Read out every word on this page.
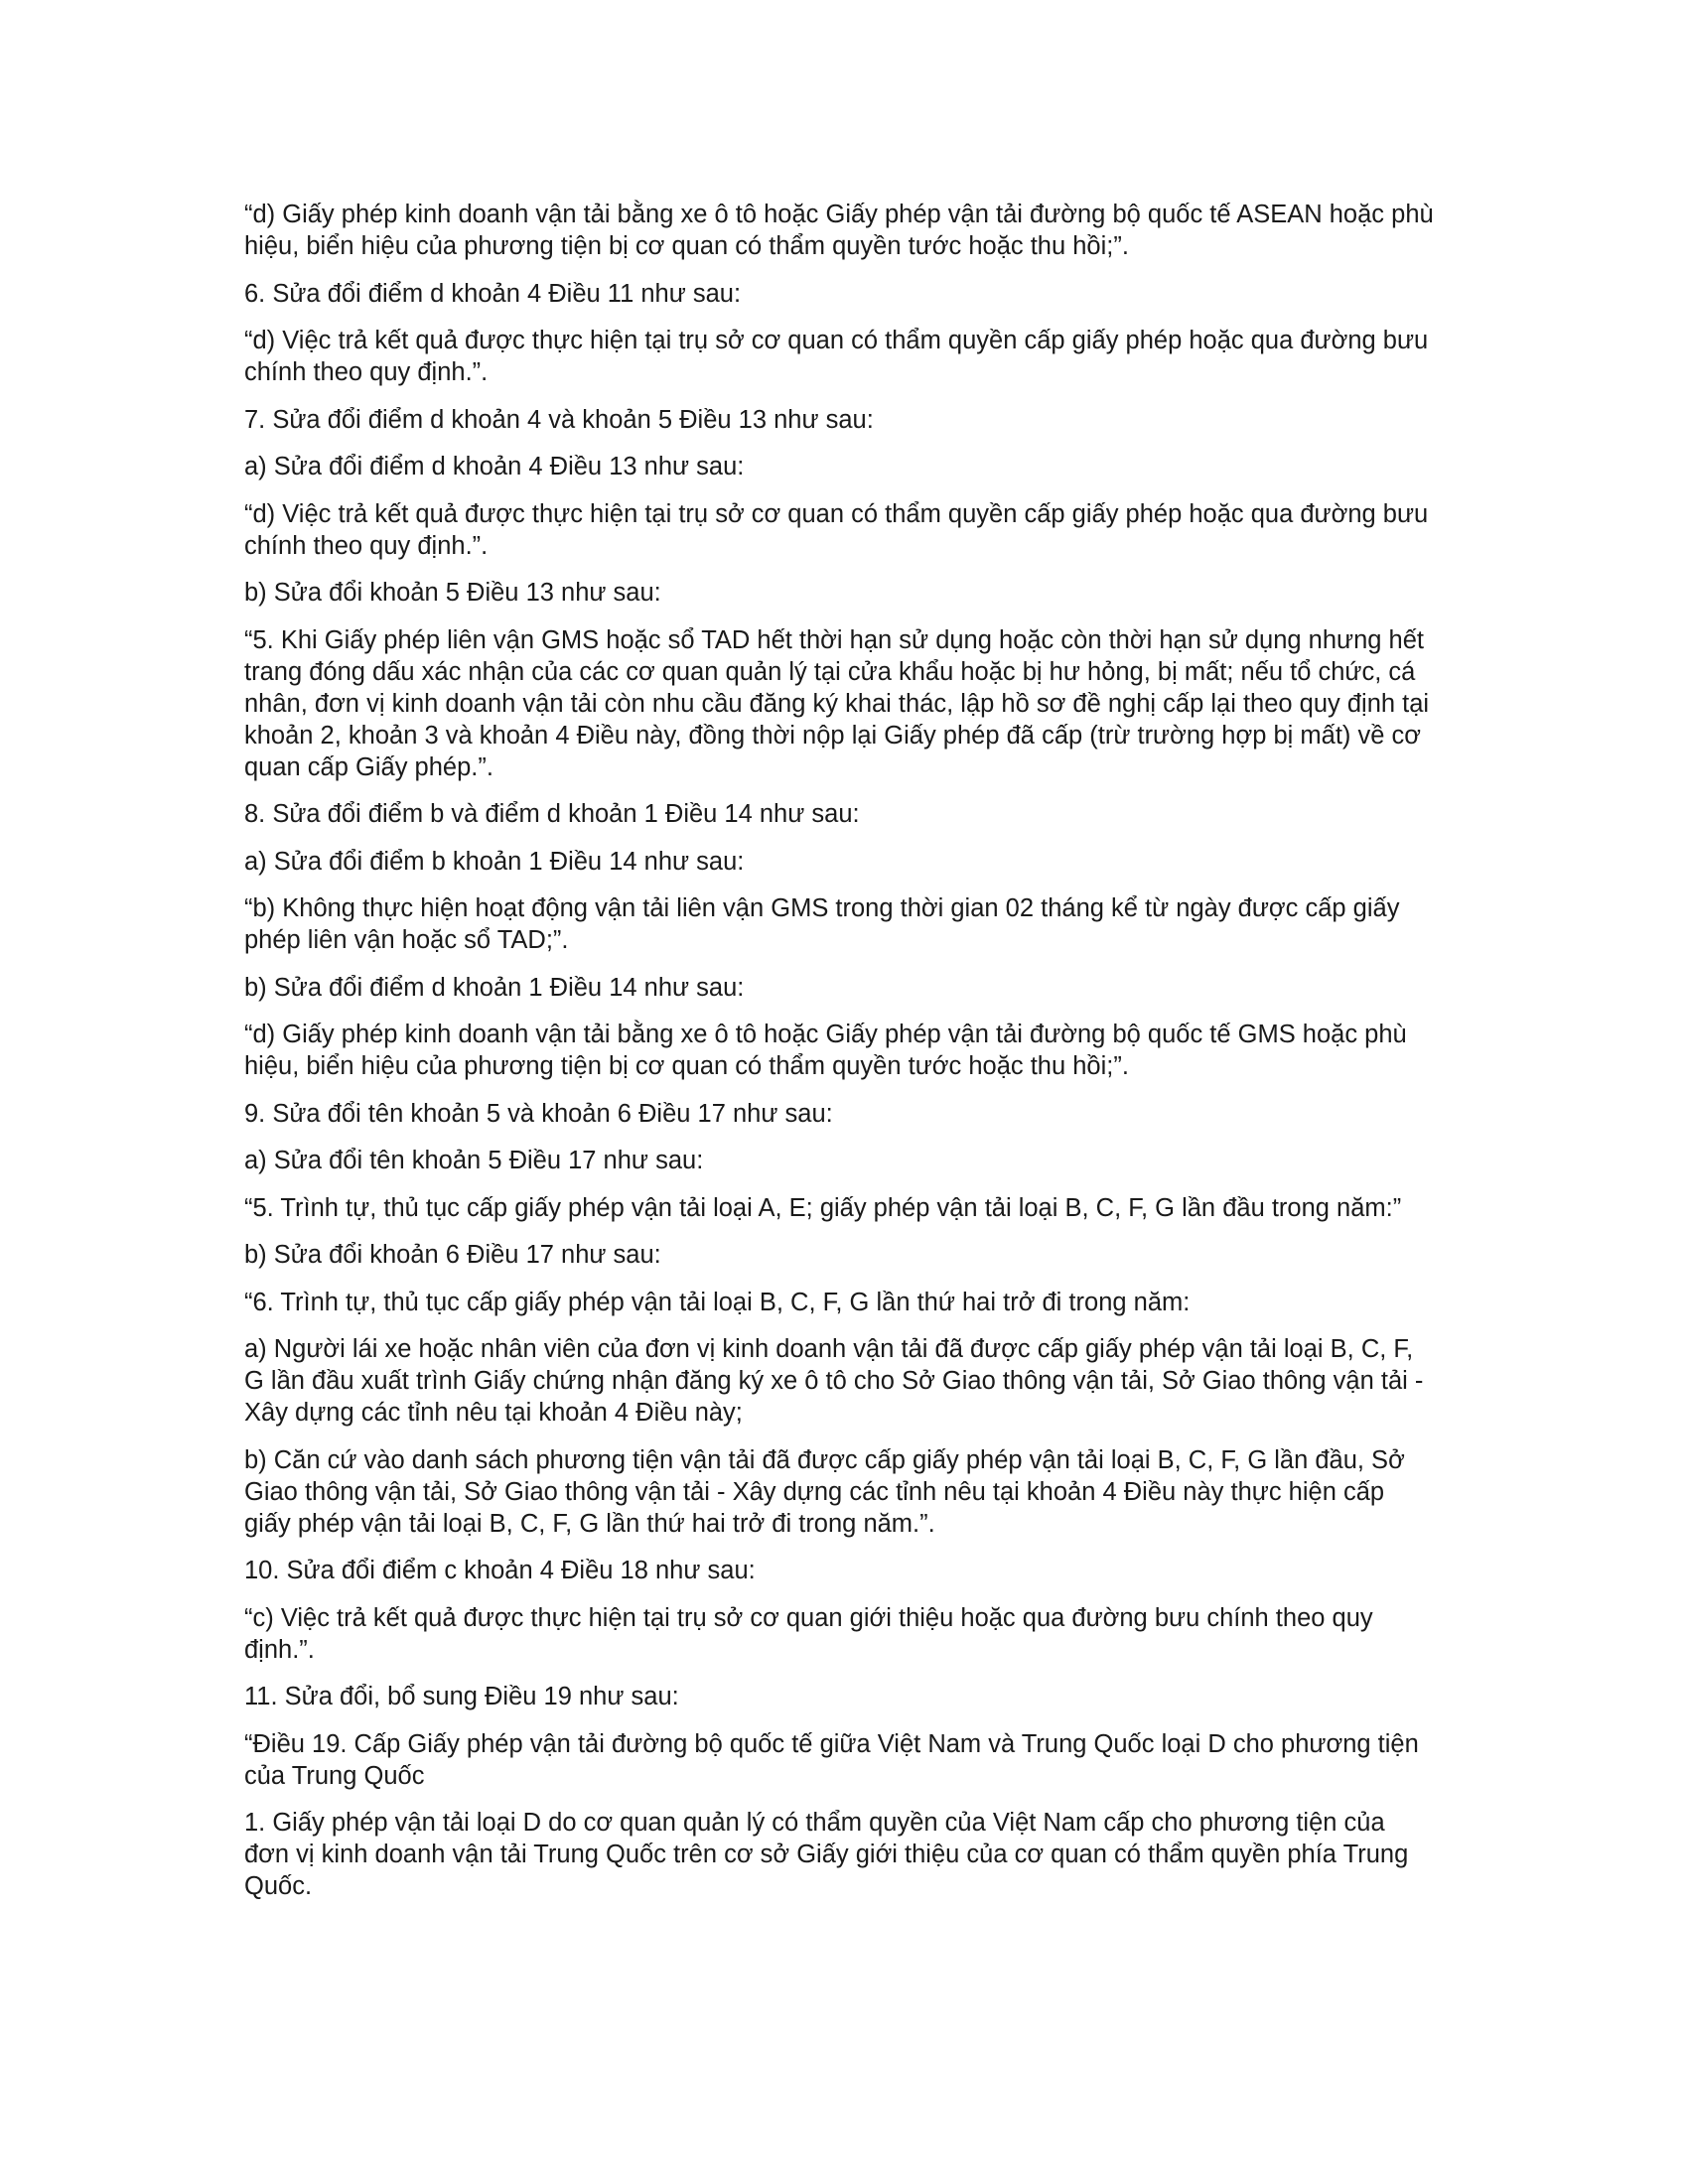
“d) Giấy phép kinh doanh vận tải bằng xe ô tô hoặc Giấy phép vận tải đường bộ quốc tế ASEAN hoặc phù hiệu, biển hiệu của phương tiện bị cơ quan có thẩm quyền tước hoặc thu hồi;”.

6. Sửa đổi điểm d khoản 4 Điều 11 như sau:

“d) Việc trả kết quả được thực hiện tại trụ sở cơ quan có thẩm quyền cấp giấy phép hoặc qua đường bưu chính theo quy định.”.

7. Sửa đổi điểm d khoản 4 và khoản 5 Điều 13 như sau:

a) Sửa đổi điểm d khoản 4 Điều 13 như sau:

“d) Việc trả kết quả được thực hiện tại trụ sở cơ quan có thẩm quyền cấp giấy phép hoặc qua đường bưu chính theo quy định.”.

b) Sửa đổi khoản 5 Điều 13 như sau:

“5. Khi Giấy phép liên vận GMS hoặc sổ TAD hết thời hạn sử dụng hoặc còn thời hạn sử dụng nhưng hết trang đóng dấu xác nhận của các cơ quan quản lý tại cửa khẩu hoặc bị hư hỏng, bị mất; nếu tổ chức, cá nhân, đơn vị kinh doanh vận tải còn nhu cầu đăng ký khai thác, lập hồ sơ đề nghị cấp lại theo quy định tại khoản 2, khoản 3 và khoản 4 Điều này, đồng thời nộp lại Giấy phép đã cấp (trừ trường hợp bị mất) về cơ quan cấp Giấy phép.”.

8. Sửa đổi điểm b và điểm d khoản 1 Điều 14 như sau:

a) Sửa đổi điểm b khoản 1 Điều 14 như sau:

“b) Không thực hiện hoạt động vận tải liên vận GMS trong thời gian 02 tháng kể từ ngày được cấp giấy phép liên vận hoặc sổ TAD;”.

b) Sửa đổi điểm d khoản 1 Điều 14 như sau:

“d) Giấy phép kinh doanh vận tải bằng xe ô tô hoặc Giấy phép vận tải đường bộ quốc tế GMS hoặc phù hiệu, biển hiệu của phương tiện bị cơ quan có thẩm quyền tước hoặc thu hồi;”.

9. Sửa đổi tên khoản 5 và khoản 6 Điều 17 như sau:

a) Sửa đổi tên khoản 5 Điều 17 như sau:

“5. Trình tự, thủ tục cấp giấy phép vận tải loại A, E; giấy phép vận tải loại B, C, F, G lần đầu trong năm:”

b) Sửa đổi khoản 6 Điều 17 như sau:

“6. Trình tự, thủ tục cấp giấy phép vận tải loại B, C, F, G lần thứ hai trở đi trong năm:

a) Người lái xe hoặc nhân viên của đơn vị kinh doanh vận tải đã được cấp giấy phép vận tải loại B, C, F, G lần đầu xuất trình Giấy chứng nhận đăng ký xe ô tô cho Sở Giao thông vận tải, Sở Giao thông vận tải - Xây dựng các tỉnh nêu tại khoản 4 Điều này;

b) Căn cứ vào danh sách phương tiện vận tải đã được cấp giấy phép vận tải loại B, C, F, G lần đầu, Sở Giao thông vận tải, Sở Giao thông vận tải - Xây dựng các tỉnh nêu tại khoản 4 Điều này thực hiện cấp giấy phép vận tải loại B, C, F, G lần thứ hai trở đi trong năm.”.

10. Sửa đổi điểm c khoản 4 Điều 18 như sau:

“c) Việc trả kết quả được thực hiện tại trụ sở cơ quan giới thiệu hoặc qua đường bưu chính theo quy định.”.

11. Sửa đổi, bổ sung Điều 19 như sau:

“Điều 19. Cấp Giấy phép vận tải đường bộ quốc tế giữa Việt Nam và Trung Quốc loại D cho phương tiện của Trung Quốc

1. Giấy phép vận tải loại D do cơ quan quản lý có thẩm quyền của Việt Nam cấp cho phương tiện của đơn vị kinh doanh vận tải Trung Quốc trên cơ sở Giấy giới thiệu của cơ quan có thẩm quyền phía Trung Quốc.
